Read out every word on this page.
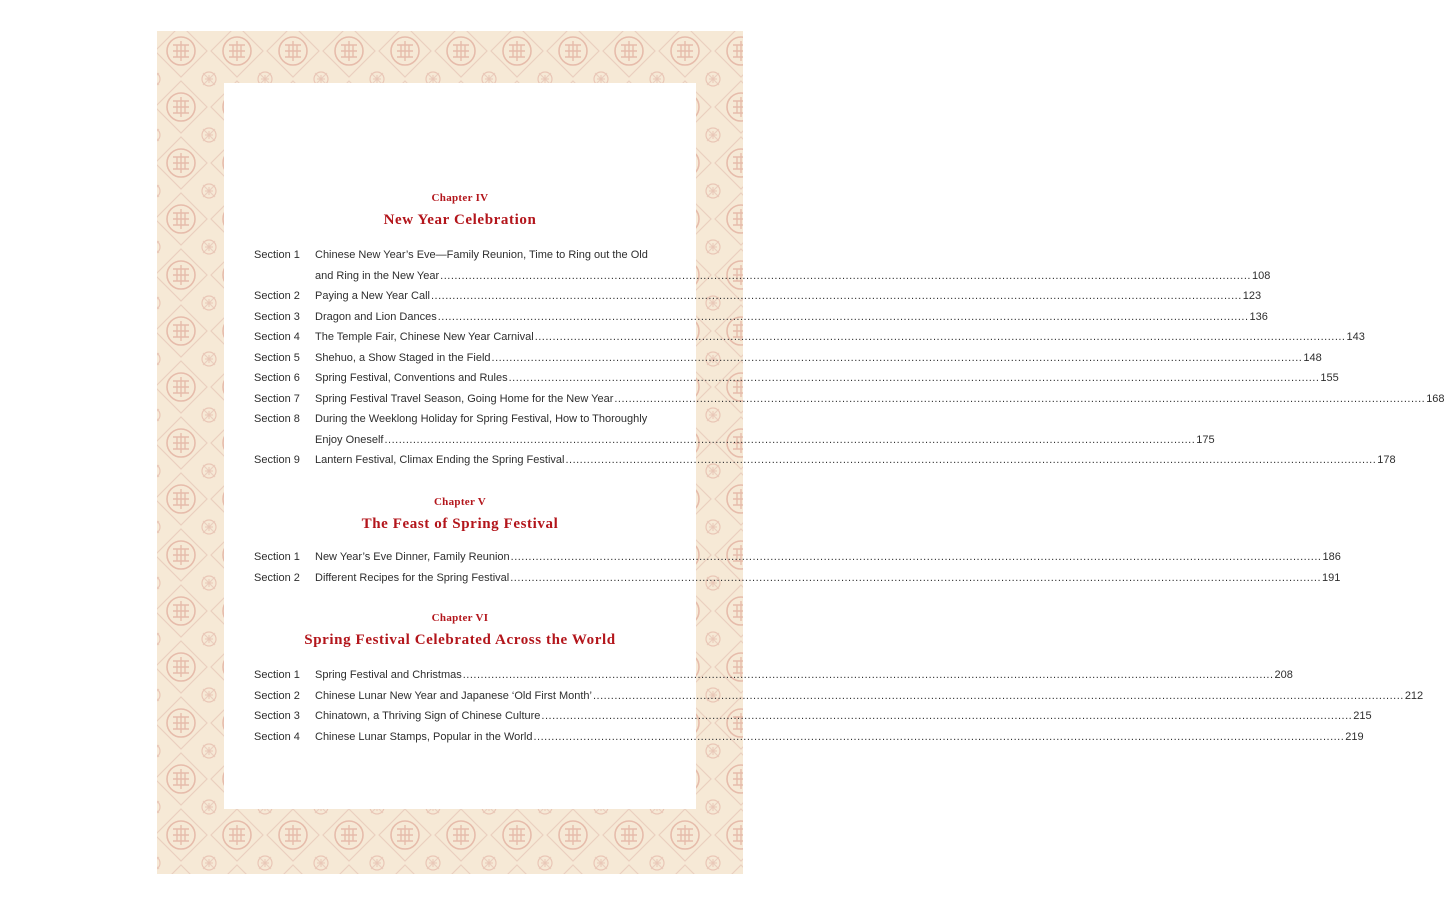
Chapter IV
New Year Celebration
Section 1 Chinese New Year’s Eve—Family Reunion, Time to Ring out the Old
and Ring in the New Year .....	108
Section 2 Paying a New Year Call .....	123
Section 3 Dragon and Lion Dances .....	136
Section 4 The Temple Fair, Chinese New Year Carnival .....	143
Section 5 Shehuo, a Show Staged in the Field .....	148
Section 6 Spring Festival, Conventions and Rules .....	155
Section 7 Spring Festival Travel Season, Going Home for the New Year .....	168
Section 8 During the Weeklong Holiday for Spring Festival, How to Thoroughly
Enjoy Oneself .....	175
Section 9 Lantern Festival, Climax Ending the Spring Festival .....	178
Chapter V
The Feast of Spring Festival
Section 1 New Year’s Eve Dinner, Family Reunion .....	186
Section 2 Different Recipes for the Spring Festival .....	191
Chapter VI
Spring Festival Celebrated Across the World
Section 1 Spring Festival and Christmas .....	208
Section 2 Chinese Lunar New Year and Japanese ‘Old First Month’ .....	212
Section 3 Chinatown, a Thriving Sign of Chinese Culture .....	215
Section 4 Chinese Lunar Stamps, Popular in the World .....	219
